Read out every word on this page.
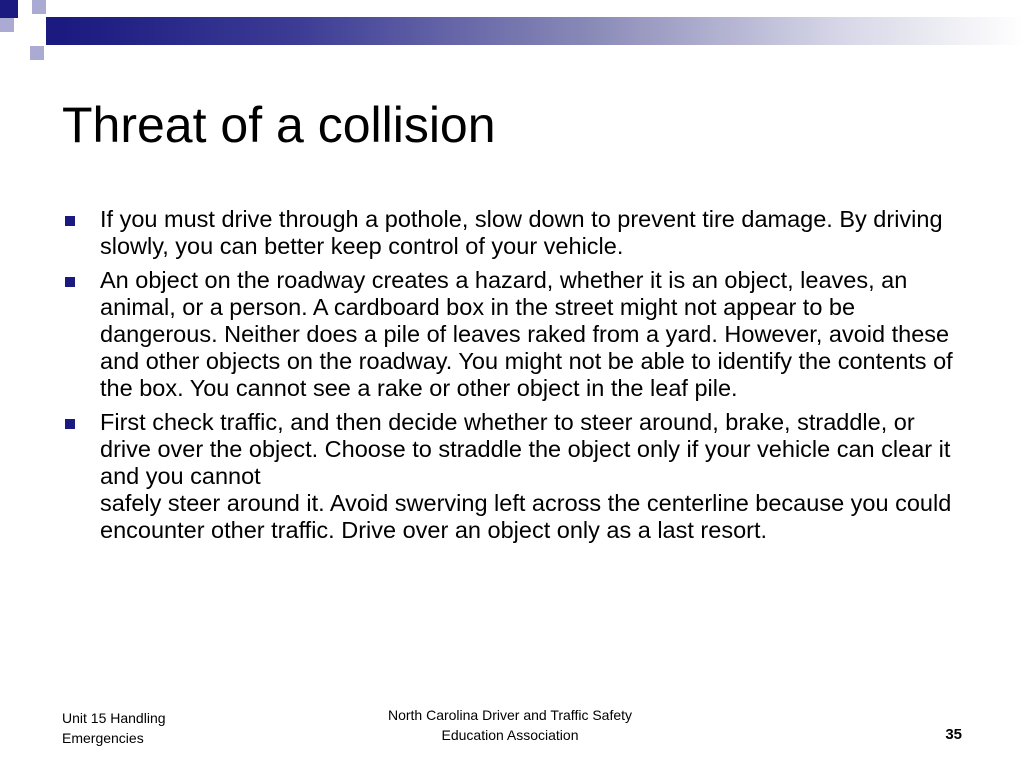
Threat of a collision
If you must drive through a pothole, slow down to prevent tire damage. By driving slowly, you can better keep control of your vehicle.
An object on the roadway creates a hazard, whether it is an object, leaves, an animal, or a person. A cardboard box in the street might not appear to be dangerous. Neither does a pile of leaves raked from a yard. However, avoid these and other objects on the roadway. You might not be able to identify the contents of the box. You cannot see a rake or other object in the leaf pile.
First check traffic, and then decide whether to steer around, brake, straddle, or drive over the object. Choose to straddle the object only if your vehicle can clear it and you cannot
safely steer around it. Avoid swerving left across the centerline because you could encounter other traffic. Drive over an object only as a last resort.
Unit 15 Handling
Emergencies
North Carolina Driver and Traffic Safety
Education Association	35
